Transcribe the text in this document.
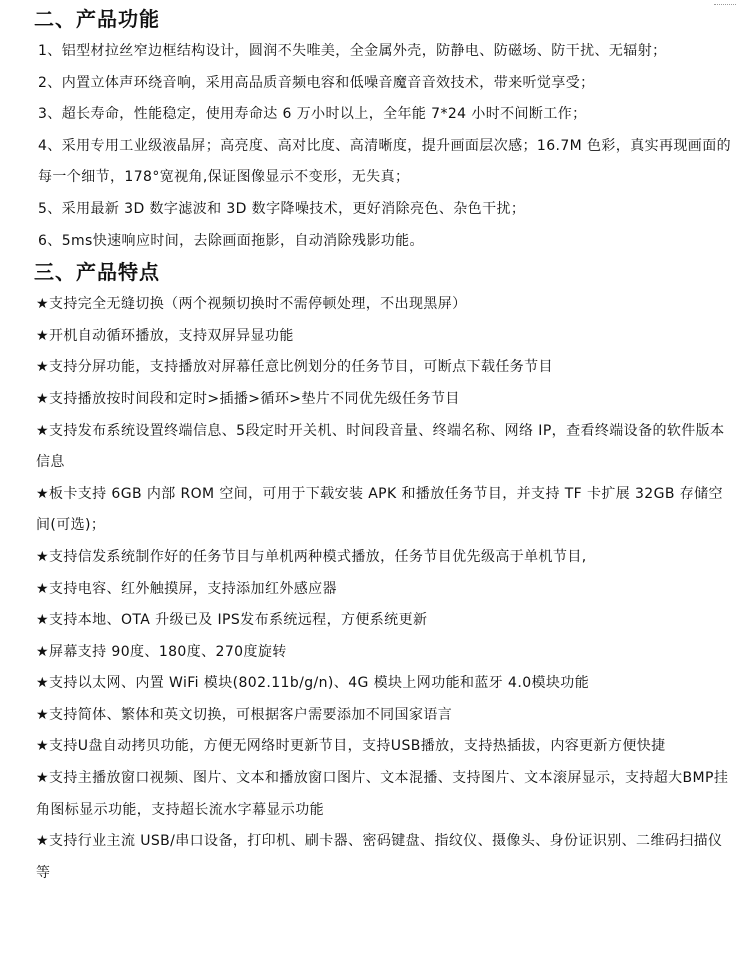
二、产品功能
1、铝型材拉丝窄边框结构设计，圆润不失唯美，全金属外壳，防静电、防磁场、防干扰、无辐射；
2、内置立体声环绕音响，采用高品质音频电容和低噪音魔音音效技术，带来听觉享受；
3、超长寿命，性能稳定，使用寿命达 6 万小时以上，全年能 7*24 小时不间断工作；
4、采用专用工业级液晶屏；高亮度、高对比度、高清晰度，提升画面层次感；16.7M 色彩，真实再现画面的每一个细节，178°宽视角,保证图像显示不变形，无失真；
5、采用最新 3D 数字滤波和 3D 数字降噪技术，更好消除亮色、杂色干扰；
6、5ms快速响应时间，去除画面拖影，自动消除残影功能。
三、产品特点
★支持完全无缝切换（两个视频切换时不需停顿处理，不出现黑屏）
★开机自动循环播放，支持双屏异显功能
★支持分屏功能，支持播放对屏幕任意比例划分的任务节目，可断点下载任务节目
★支持播放按时间段和定时>插播>循环>垫片不同优先级任务节目
★支持发布系统设置终端信息、5段定时开关机、时间段音量、终端名称、网络 IP，查看终端设备的软件版本信息
★板卡支持 6GB 内部 ROM 空间，可用于下载安装 APK 和播放任务节目，并支持 TF 卡扩展 32GB 存储空间(可选)；
★支持信发系统制作好的任务节目与单机两种模式播放，任务节目优先级高于单机节目,
★支持电容、红外触摸屏，支持添加红外感应器
★支持本地、OTA 升级已及 IPS发布系统远程，方便系统更新
★屏幕支持 90度、180度、270度旋转
★支持以太网、内置 WiFi 模块(802.11b/g/n)、4G 模块上网功能和蓝牙 4.0模块功能
★支持简体、繁体和英文切换，可根据客户需要添加不同国家语言
★支持U盘自动拷贝功能，方便无网络时更新节目，支持USB播放，支持热插拔，内容更新方便快捷
★支持主播放窗口视频、图片、文本和播放窗口图片、文本混播、支持图片、文本滚屏显示，支持超大BMP挂角图标显示功能，支持超长流水字幕显示功能
★支持行业主流 USB/串口设备，打印机、刷卡器、密码键盘、指纹仪、摄像头、身份证识别、二维码扫描仪等
